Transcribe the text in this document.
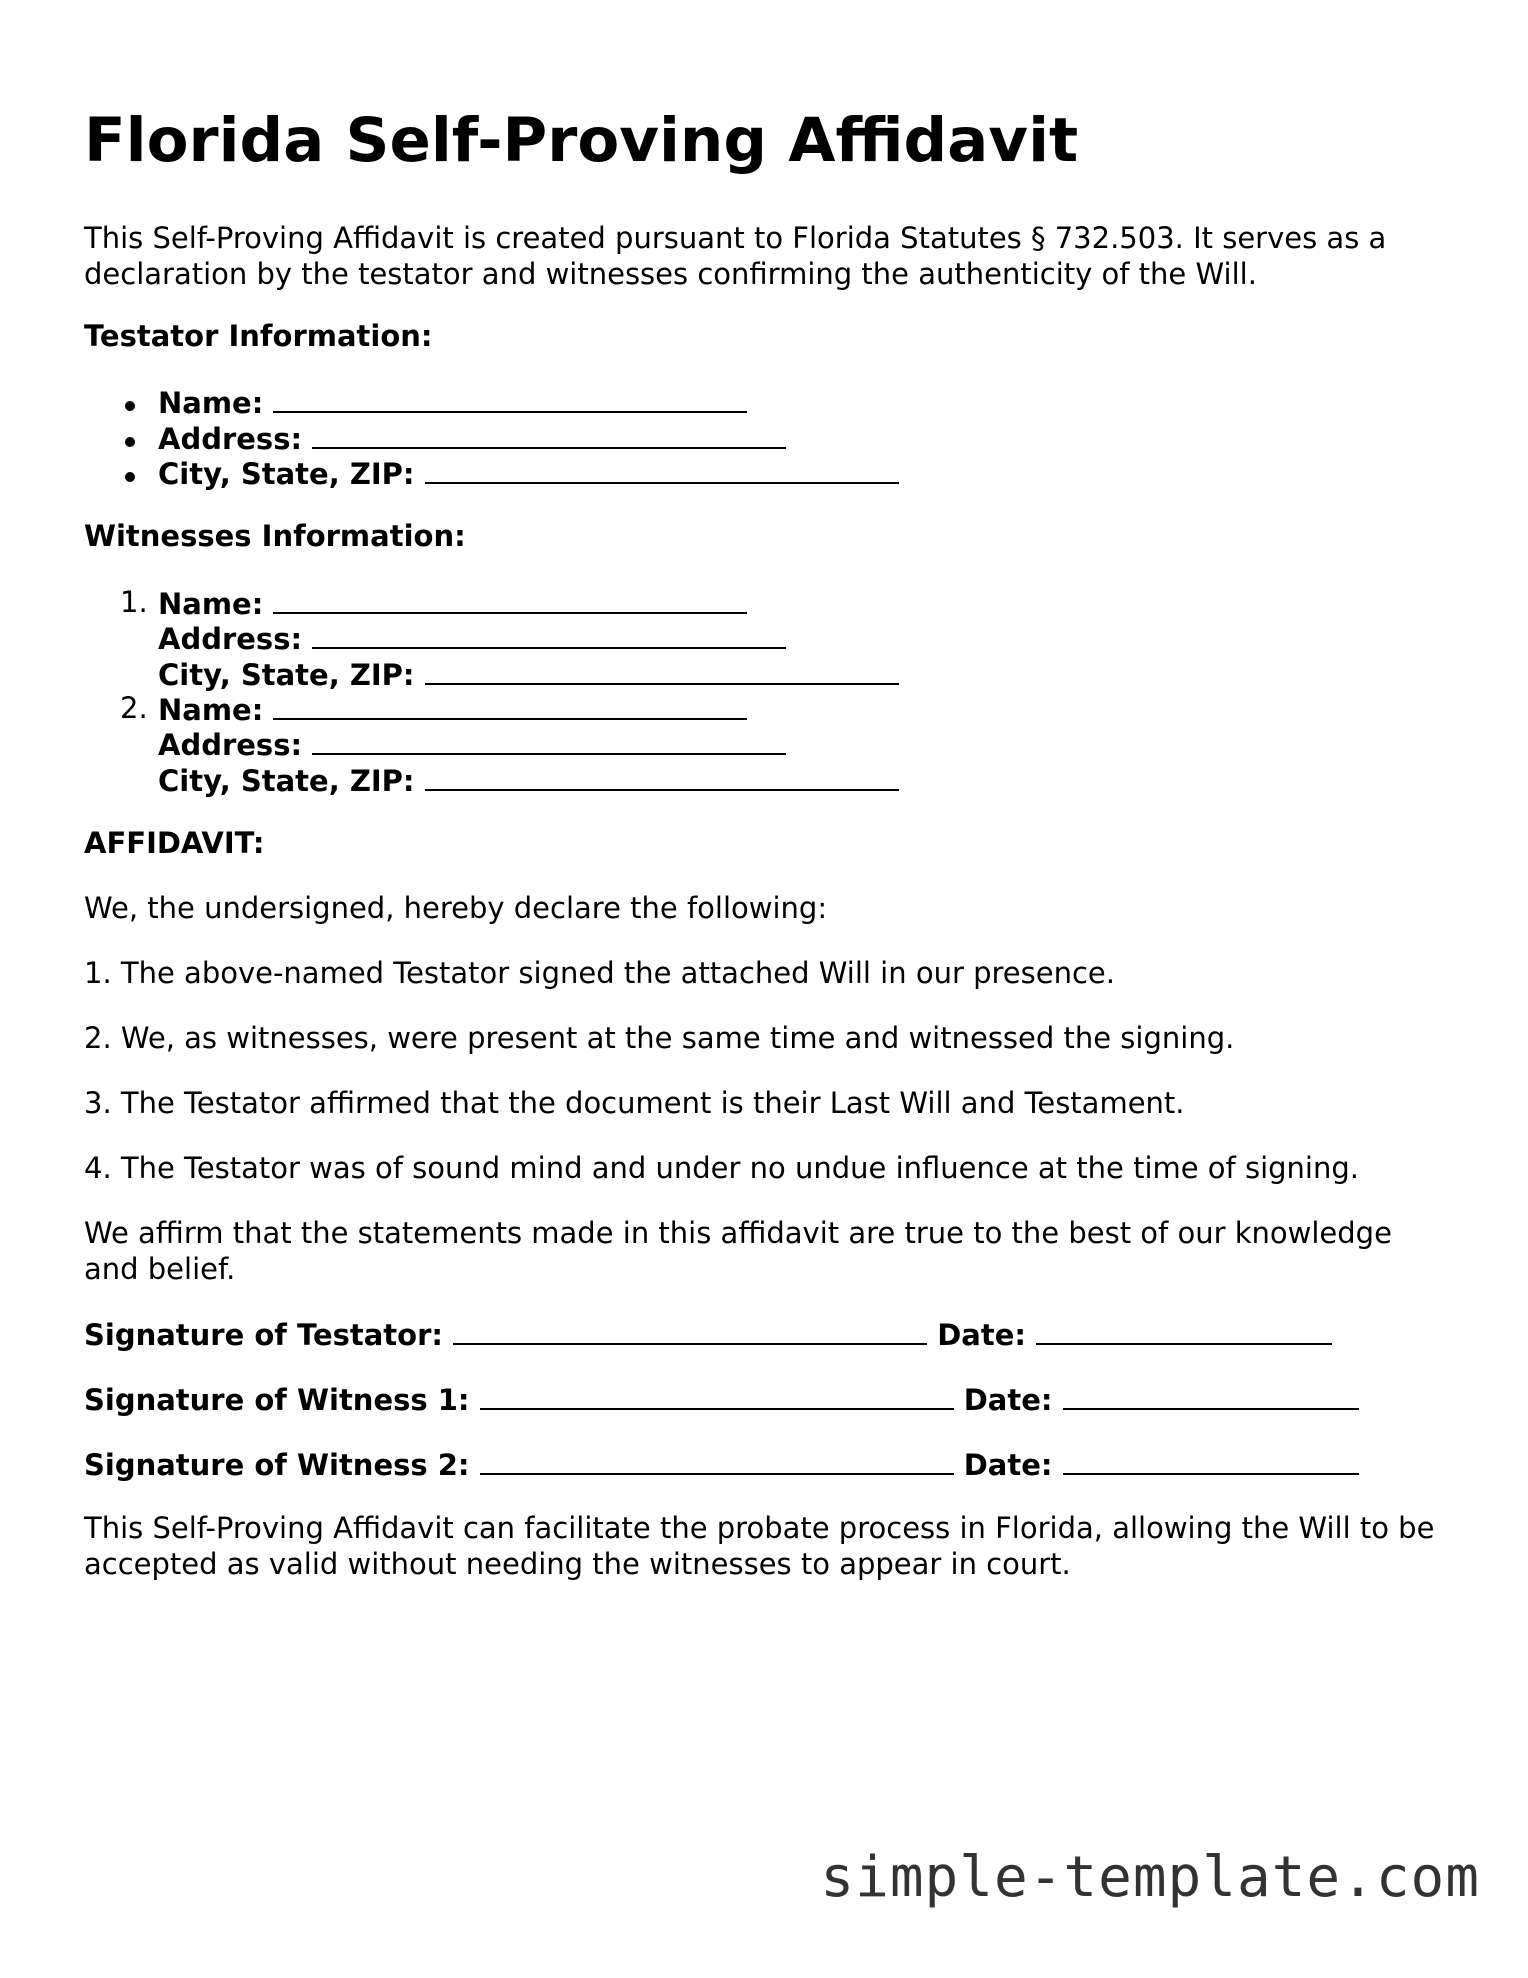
Florida Self-Proving Affidavit

This Self-Proving Affidavit is created pursuant to Florida Statutes § 732.503. It serves as a declaration by the testator and witnesses confirming the authenticity of the Will.

Testator Information:

Name:
Address:
City, State, ZIP:

Witnesses Information:

1. Name:
Address:
City, State, ZIP:
2. Name:
Address:
City, State, ZIP:

AFFIDAVIT:

We, the undersigned, hereby declare the following:

1. The above-named Testator signed the attached Will in our presence.

2. We, as witnesses, were present at the same time and witnessed the signing.

3. The Testator affirmed that the document is their Last Will and Testament.

4. The Testator was of sound mind and under no undue influence at the time of signing.

We affirm that the statements made in this affidavit are true to the best of our knowledge and belief.

Signature of Testator:	Date:
Signature of Witness 1:	Date:
Signature of Witness 2:	Date:

This Self-Proving Affidavit can facilitate the probate process in Florida, allowing the Will to be accepted as valid without needing the witnesses to appear in court.

simple-template.com
